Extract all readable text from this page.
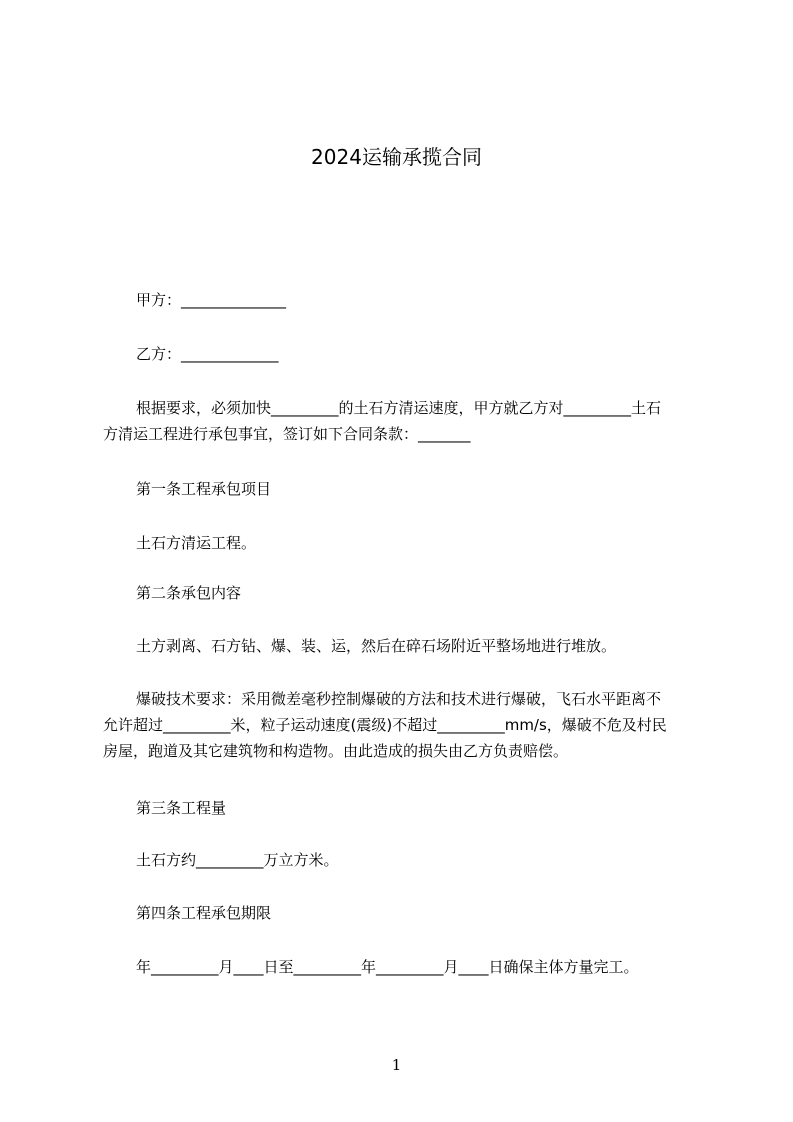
2024运输承揽合同
甲方：______________
乙方：_____________
根据要求，必须加快_________的土石方清运速度，甲方就乙方对_________土石
方清运工程进行承包事宜，签订如下合同条款：_______
第一条工程承包项目
土石方清运工程。
第二条承包内容
土方剥离、石方钻、爆、装、运，然后在碎石场附近平整场地进行堆放。
爆破技术要求：采用微差毫秒控制爆破的方法和技术进行爆破，飞石水平距离不
允许超过_________米，粒子运动速度(震级)不超过_________mm/s，爆破不危及村民
房屋，跑道及其它建筑物和构造物。由此造成的损失由乙方负责赔偿。
第三条工程量
土石方约_________万立方米。
第四条工程承包期限
年_________月____日至_________年_________月____日确保主体方量完工。
1
